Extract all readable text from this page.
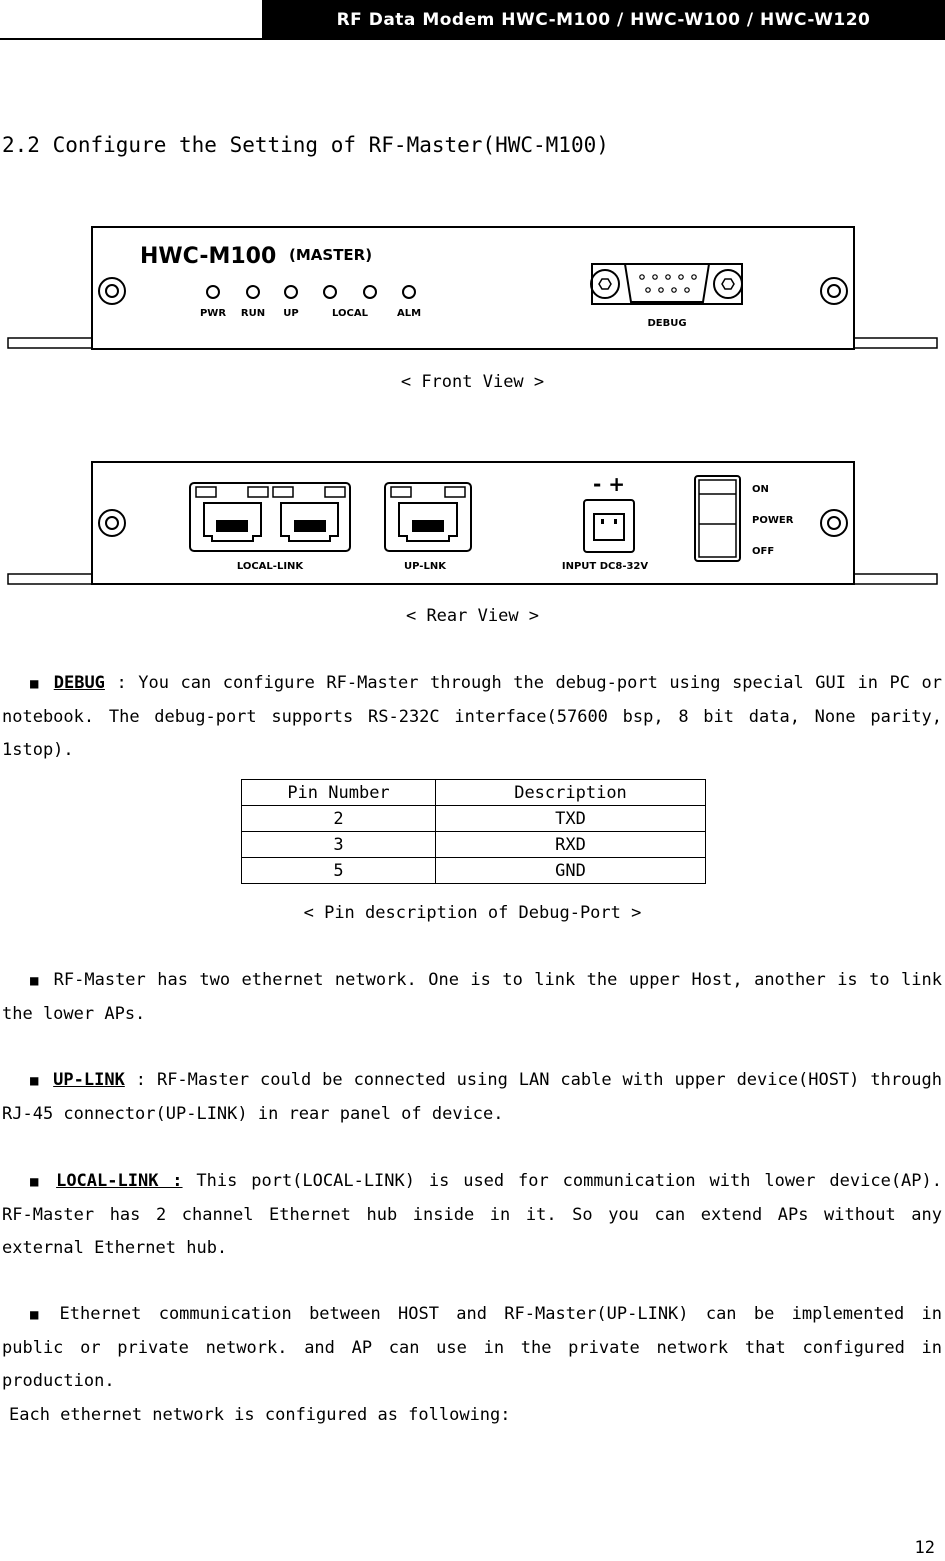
RF Data Modem HWC-M100 / HWC-W100 / HWC-W120
2.2 Configure the Setting of RF-Master(HWC-M100)
HWC-M100 (MASTER)
PWR RUN UP	LOCAL	ALM
DEBUG
< Front View >
LOCAL-LINK	UP-LNK
- +
INPUT DC8-32V
ON
POWER
OFF
< Rear View >

■ DEBUG : You can configure RF-Master through the debug-port using special GUI in PC or notebook. The debug-port supports RS-232C interface(57600 bsp, 8 bit data, None parity, 1stop).

Pin Number	Description
2	TXD
3	RXD
5	GND
< Pin description of Debug-Port >

■ RF-Master has two ethernet network. One is to link the upper Host, another is to link the lower APs.

■ UP-LINK : RF-Master could be connected using LAN cable with upper device(HOST) through RJ-45 connector(UP-LINK) in rear panel of device.

■ LOCAL-LINK : This port(LOCAL-LINK) is used for communication with lower device(AP). RF-Master has 2 channel Ethernet hub inside in it. So you can extend APs without any external Ethernet hub.

■ Ethernet communication between HOST and RF-Master(UP-LINK) can be implemented in public or private network. and AP can use in the private network that configured in production.

Each ethernet network is configured as following:

12
